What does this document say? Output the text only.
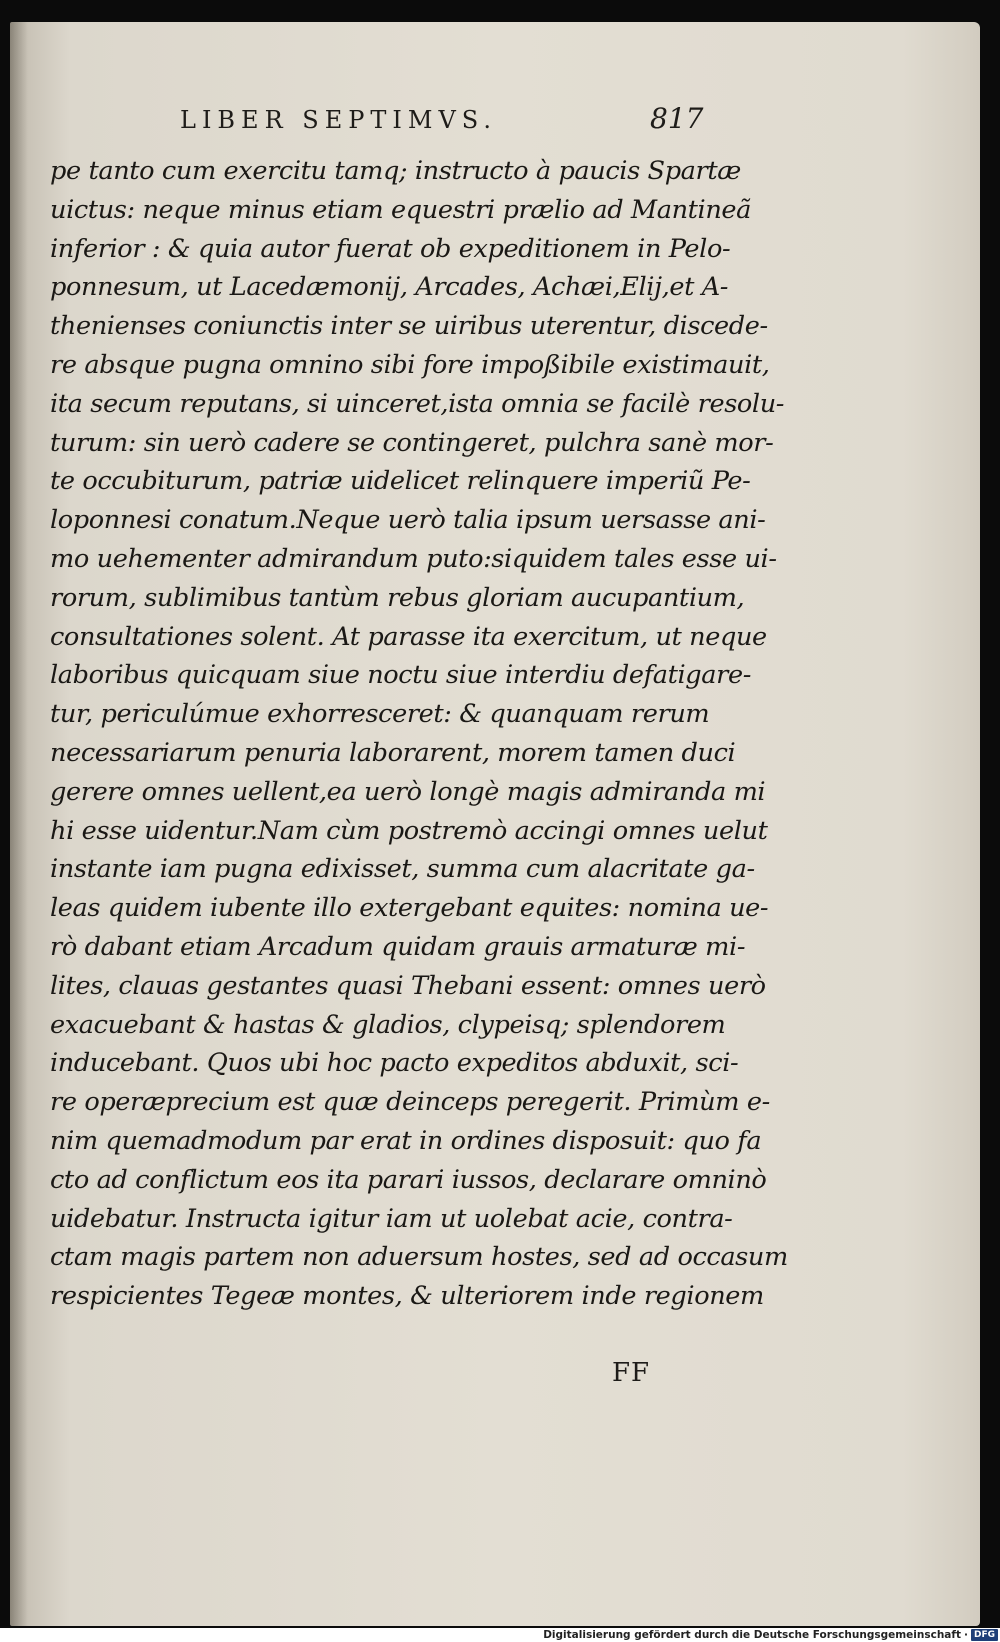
LIBER SEPTIMVS.	817
pe tanto cum exercitu tamq; instructo à paucis Spartæ
uictus: neque minus etiam equestri prælio ad Mantineã
inferior : & quia autor fuerat ob expeditionem in Pelo-
ponnesum, ut Lacedæmonij, Arcades, Achæi,Elij,et A-
thenienses coniunctis inter se uiribus uterentur, discede-
re absque pugna omnino sibi fore impoßibile existimauit,
ita secum reputans, si uinceret,ista omnia se facilè resolu-
turum: sin uerò cadere se contingeret, pulchra sanè mor-
te occubiturum, patriæ uidelicet relinquere imperiũ Pe-
loponnesi conatum.Neque uerò talia ipsum uersasse ani-
mo uehementer admirandum puto:siquidem tales esse ui-
rorum, sublimibus tantùm rebus gloriam aucupantium,
consultationes solent. At parasse ita exercitum, ut neque
laboribus quicquam siue noctu siue interdiu defatigare-
tur, periculúmue exhorresceret: & quanquam rerum
necessariarum penuria laborarent, morem tamen duci
gerere omnes uellent,ea uerò longè magis admiranda mi
hi esse uidentur.Nam cùm postremò accingi omnes uelut
instante iam pugna edixisset, summa cum alacritate ga-
leas quidem iubente illo extergebant equites: nomina ue-
rò dabant etiam Arcadum quidam grauis armaturæ mi-
lites, clauas gestantes quasi Thebani essent: omnes uerò
exacuebant & hastas & gladios, clypeisq; splendorem
inducebant. Quos ubi hoc pacto expeditos abduxit, sci-
re operæprecium est quæ deinceps peregerit. Primùm e-
nim quemadmodum par erat in ordines disposuit: quo fa
cto ad conflictum eos ita parari iussos, declarare omninò
uidebatur. Instructa igitur iam ut uolebat acie, contra-
ctam magis partem non aduersum hostes, sed ad occasum
respicientes Tegeæ montes, & ulteriorem inde regionem
FF
Digitalisierung gefördert durch die Deutsche Forschungsgemeinschaft · DFG
